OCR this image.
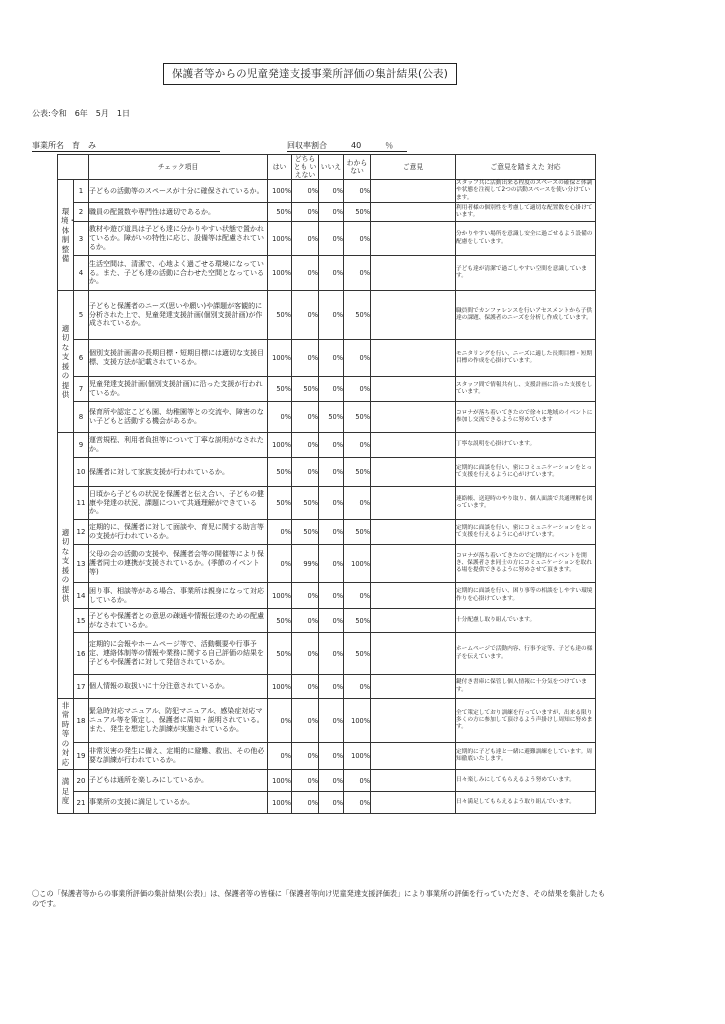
保護者等からの児童発達支援事業所評価の集計結果(公表)
公表:令和　6年　5月　1日
事業所名　育　み	回収率割合　　　40　　　％
		チェック項目	はい	どちらとも いえない	いいえ	わから ない	ご意見	ご意見を踏まえた 対応
環境・体制整備	1	子どもの活動等のスペースが十分に確保されているか。	100%	0%	0%	0%		スタッフ共に活動出来る程度のスペースの確保と体調や状態を注視して2つの活動スペースを使い分けています。
	2	職員の配置数や専門性は適切であるか。	50%	0%	0%	50%		利用者様の個別性を考慮して適切な配置数を心掛けています。
	3	教材や遊び道具は子ども達に分かりやすい状態で置かれているか。障がいの特性に応じ、設備等は配慮されているか。	100%	0%	0%	0%		分かりやすい場所を意識し安全に過ごせるよう設備の配慮をしています。
	4	生活空間は、清潔で、心地よく過ごせる環境になっている。また、子ども達の活動に合わせた空間となっているか。	100%	0%	0%	0%		子ども達が清潔で過ごしやすい空間を意識しています。
適切な支援の提供	5	子どもと保護者のニーズ(思いや願い)や課題が客観的に分析された上で、児童発達支援計画(個別支援計画)が作成されているか。	50%	0%	0%	50%		職員間でカンファレンスを行いアセスメントから子供達の課題、保護者のニーズを分析し作成しています。
	6	個別支援計画書の長期目標・短期目標には適切な支援目標、支援方法が記載されているか。	100%	0%	0%	0%		モニタリングを行い、ニーズに適した長期目標・短期目標の作成を心掛けています。
	7	児童発達支援計画(個別支援計画)に沿った支援が行われているか。	50%	50%	0%	0%		スタッフ間で情報共有し、支援計画に沿った支援をしています。
	8	保育所や認定こども園、幼稚園等との交流や、障害のない子どもと活動する機会があるか。	0%	0%	50%	50%		コロナが落ち着いてきたので徐々に地域のイベントに参加し交流できるように努めています
適切な支援の提供	9	運営規程、利用者負担等について丁寧な説明がなされたか。	100%	0%	0%	0%		丁寧な説明を心掛けています。
	10	保護者に対して家族支援が行われているか。	50%	0%	0%	50%		定期的に面談を行い、密にコミュニケーションをとって支援を行えるように心がけています。
	11	日頃から子どもの状況を保護者と伝え合い、子どもの健康や発達の状況、課題について共通理解ができているか。	50%	50%	0%	0%		連絡帳、送迎時のやり取り、個人面談で共通理解を図っています。
	12	定期的に、保護者に対して面談や、育児に関する助言等の支援が行われているか。	0%	50%	0%	50%		定期的に面談を行い、密にコミュニケーションをとって支援を行えるように心がけています。
	13	父母の会の活動の支援や、保護者会等の開催等により保護者同士の連携が支援されているか。(季節のイベント等)	0%	99%	0%	100%		コロナが落ち着いてきたので定期的にイベントを開き、保護者さま同士の方にコミュニケーションを取れる場を提供できるように努めさせて頂きます。
	14	困り事、相談等がある場合、事業所は親身になって対応しているか。	100%	0%	0%	0%		定期的に面談を行い、困り事等の相談をしやすい環境作りを心掛けています。
	15	子どもや保護者との意思の疎通や情報伝達のための配慮がなされているか。	50%	0%	0%	50%		十分配慮し取り組んでいます。
	16	定期的に会報やホームページ等で、活動概要や行事予定、連絡体制等の情報や業務に関する自己評価の結果を子どもや保護者に対して発信されているか。	50%	0%	0%	50%		ホームページで活動内容、行事予定等、子ども達の様子を伝えています。
	17	個人情報の取扱いに十分注意されているか。	100%	0%	0%	0%		鍵付き書庫に保管し個人情報に十分気をつけています。
非常時等の対応	18	緊急時対応マニュアル、防犯マニュアル、感染症対応マニュアル等を策定し、保護者に周知・説明されている。また、発生を想定した訓練が実施されているか。	0%	0%	0%	100%		全て策定しており訓練を行っていますが、出来る限り多くの方に参加して頂けるよう声掛けし周知に努めます。
	19	非常災害の発生に備え、定期的に避難、救出、その他必要な訓練が行われているか。	0%	0%	0%	100%		定期的に子ども達と一緒に避難訓練をしています。周知徹底いたします。
満足度	20	子どもは通所を楽しみにしているか。	100%	0%	0%	0%		日々楽しみにしてもらえるよう努めています。
	21	事業所の支援に満足しているか。	100%	0%	0%	0%		日々満足してもらえるよう取り組んでいます。
〇この「保護者等からの事業所評価の集計結果(公表)」は、保護者等の皆様に「保護者等向け児童発達支援評価表」により事業所の評価を行っていただき、その結果を集計したものです。
